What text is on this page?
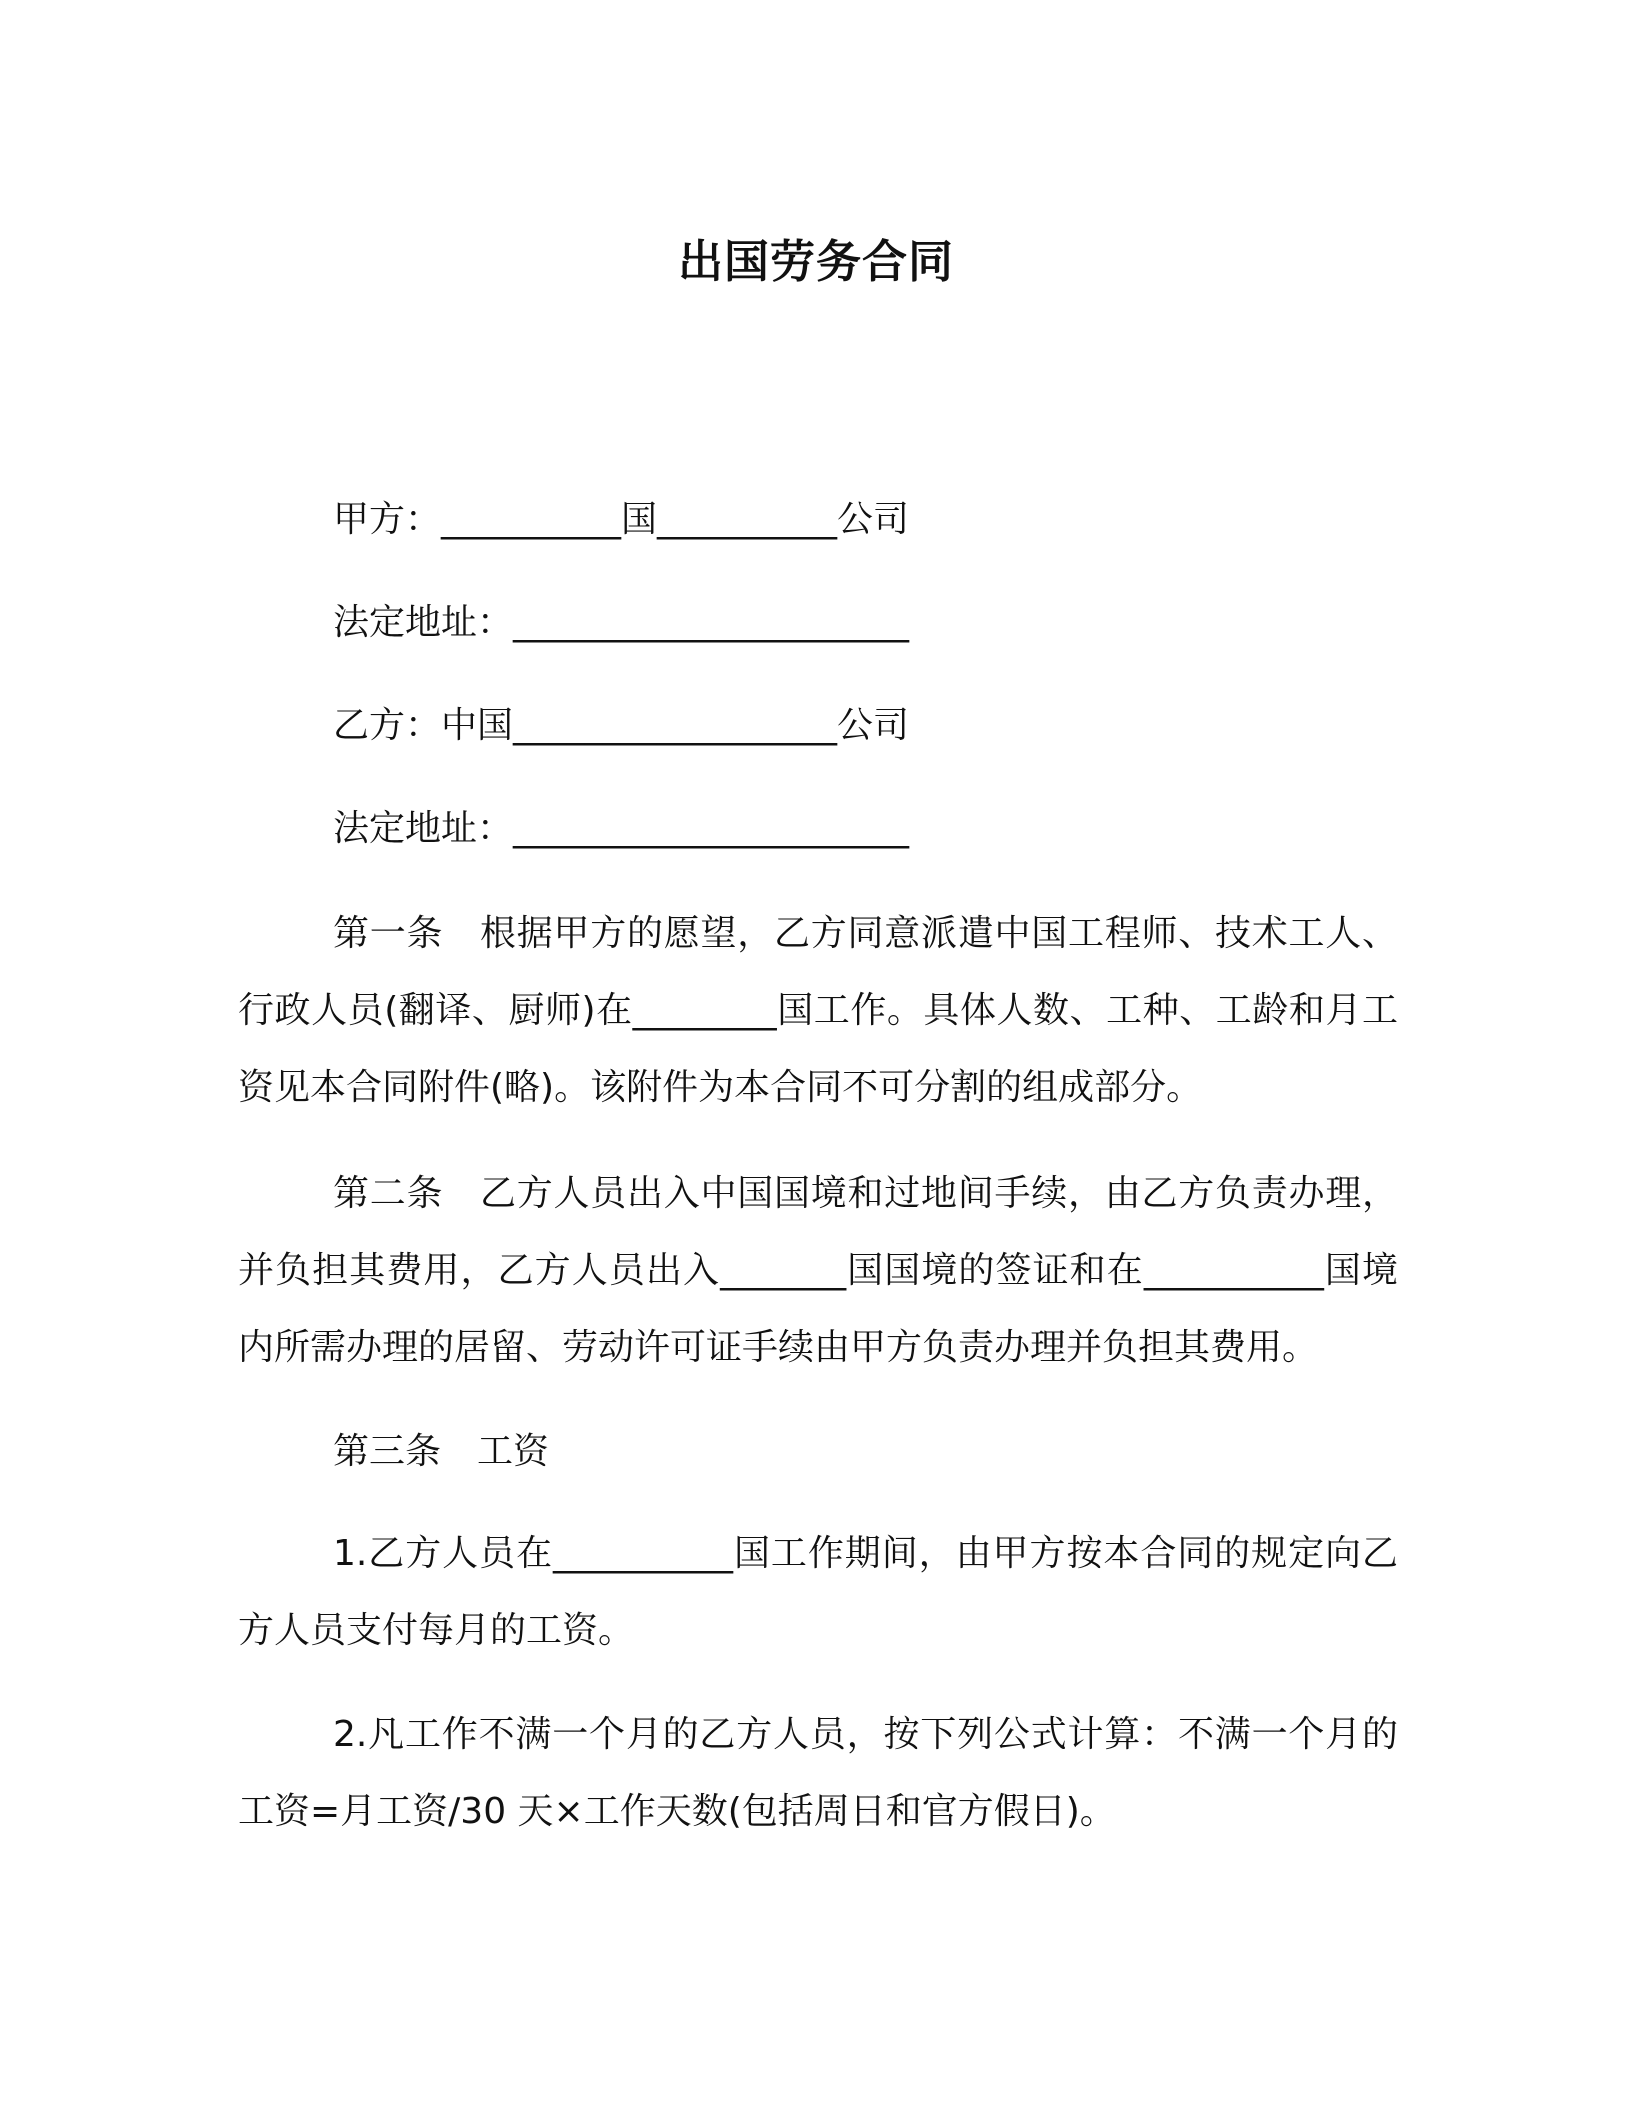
出国劳务合同
甲方：__________国__________公司
法定地址：______________________
乙方：中国__________________公司
法定地址：______________________
第一条 根据甲方的愿望，乙方同意派遣中国工程师、技术工人、行政人员(翻译、厨师)在________国工作。具体人数、工种、工龄和月工资见本合同附件(略)。该附件为本合同不可分割的组成部分。
第二条 乙方人员出入中国国境和过地间手续，由乙方负责办理，并负担其费用，乙方人员出入_______国国境的签证和在__________国境内所需办理的居留、劳动许可证手续由甲方负责办理并负担其费用。
第三条 工资
1.乙方人员在__________国工作期间，由甲方按本合同的规定向乙方人员支付每月的工资。
2.凡工作不满一个月的乙方人员，按下列公式计算：不满一个月的工资=月工资/30 天×工作天数(包括周日和官方假日)。
